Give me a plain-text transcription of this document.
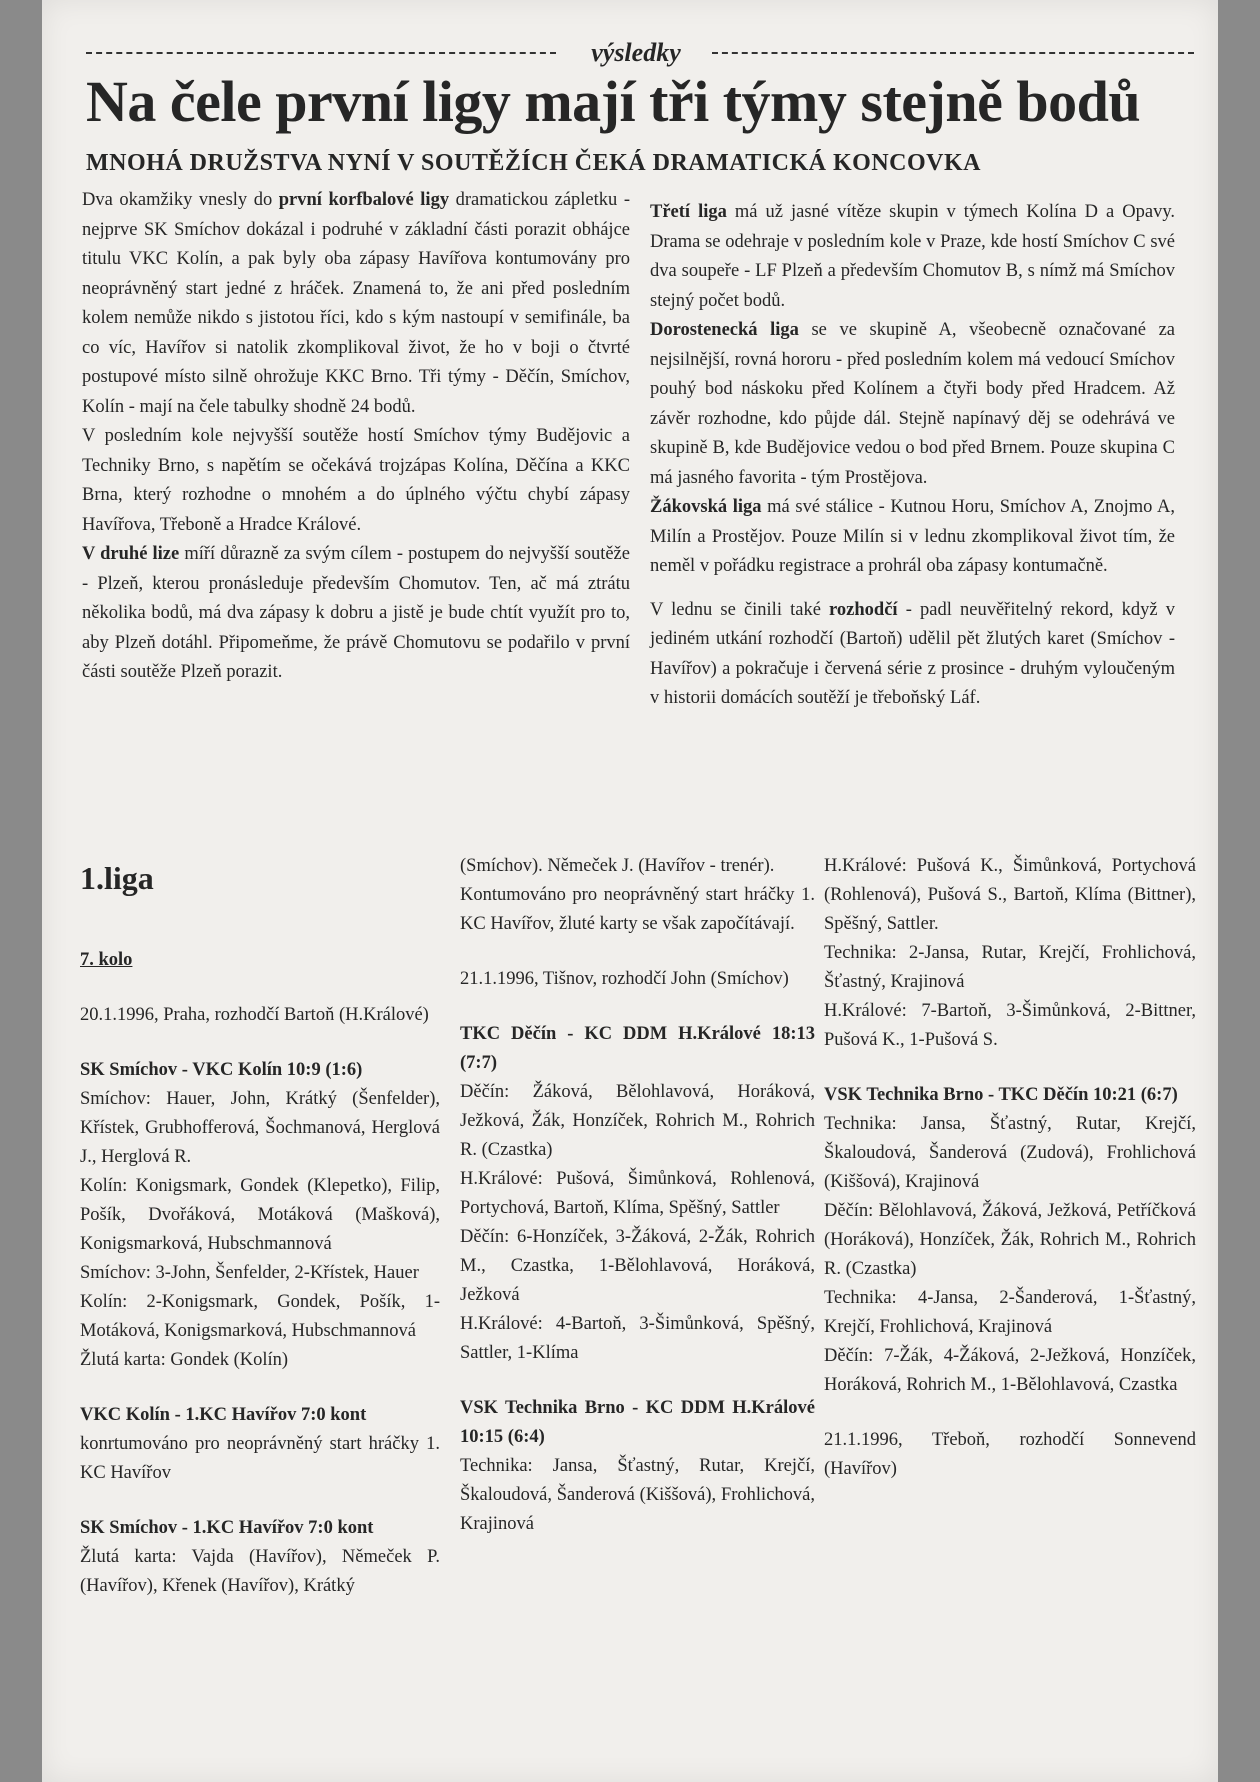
výsledky
Na čele první ligy mají tři týmy stejně bodů
MNOHÁ DRUŽSTVA NYNÍ V SOUTĚŽÍCH ČEKÁ DRAMATICKÁ KONCOVKA

Dva okamžiky vnesly do první korfbalové ligy dramatickou zápletku - nejprve SK Smíchov dokázal i podruhé v základní části porazit obhájce titulu VKC Kolín, a pak byly oba zápasy Havířova kontumovány pro neoprávněný start jedné z hráček. Znamená to, že ani před posledním kolem nemůže nikdo s jistotou říci, kdo s kým nastoupí v semifinále, ba co víc, Havířov si natolik zkomplikoval život, že ho v boji o čtvrté postupové místo silně ohrožuje KKC Brno. Tři týmy - Děčín, Smíchov, Kolín - mají na čele tabulky shodně 24 bodů.

V posledním kole nejvyšší soutěže hostí Smíchov týmy Budějovic a Techniky Brno, s napětím se očekává trojzápas Kolína, Děčína a KKC Brna, který rozhodne o mnohém a do úplného výčtu chybí zápasy Havířova, Třeboně a Hradce Králové.

V druhé lize míří důrazně za svým cílem - postupem do nejvyšší soutěže - Plzeň, kterou pronásleduje především Chomutov. Ten, ač má ztrátu několika bodů, má dva zápasy k dobru a jistě je bude chtít využít pro to, aby Plzeň dotáhl. Připomeňme, že právě Chomutovu se podařilo v první části soutěže Plzeň porazit.

Třetí liga má už jasné vítěze skupin v týmech Kolína D a Opavy. Drama se odehraje v posledním kole v Praze, kde hostí Smíchov C své dva soupeře - LF Plzeň a především Chomutov B, s nímž má Smíchov stejný počet bodů.

Dorostenecká liga se ve skupině A, všeobecně označované za nejsilnější, rovná hororu - před posledním kolem má vedoucí Smíchov pouhý bod náskoku před Kolínem a čtyři body před Hradcem. Až závěr rozhodne, kdo půjde dál. Stejně napínavý děj se odehrává ve skupině B, kde Budějovice vedou o bod před Brnem. Pouze skupina C má jasného favorita - tým Prostějova.

Žákovská liga má své stálice - Kutnou Horu, Smíchov A, Znojmo A, Milín a Prostějov. Pouze Milín si v lednu zkomplikoval život tím, že neměl v pořádku registrace a prohrál oba zápasy kontumačně.

V lednu se činili také rozhodčí - padl neuvěřitelný rekord, když v jediném utkání rozhodčí (Bartoň) udělil pět žlutých karet (Smíchov - Havířov) a pokračuje i červená série z prosince - druhým vyloučeným v historii domácích soutěží je třeboňský Láf.

1.liga

7. kolo

20.1.1996, Praha, rozhodčí Bartoň (H.Králové)

SK Smíchov - VKC Kolín 10:9 (1:6)

Smíchov: Hauer, John, Krátký (Šenfelder), Křístek, Grubhofferová, Šochmanová, Herglová J., Herglová R.

Kolín: Konigsmark, Gondek (Klepetko), Filip, Pošík, Dvořáková, Motáková (Mašková), Konigsmarková, Hubschmannová

Smíchov: 3-John, Šenfelder, 2-Křístek, Hauer

Kolín: 2-Konigsmark, Gondek, Pošík, 1-Motáková, Konigsmarková, Hubschmannová

Žlutá karta: Gondek (Kolín)

VKC Kolín - 1.KC Havířov 7:0 kont

konrtumováno pro neoprávněný start hráčky 1. KC Havířov

SK Smíchov - 1.KC Havířov 7:0 kont

Žlutá karta: Vajda (Havířov), Němeček P. (Havířov), Křenek (Havířov), Krátký

(Smíchov). Němeček J. (Havířov - trenér).

Kontumováno pro neoprávněný start hráčky 1. KC Havířov, žluté karty se však započítávají.

21.1.1996, Tišnov, rozhodčí John (Smíchov)

TKC Děčín - KC DDM H.Králové 18:13 (7:7)

Děčín: Žáková, Bělohlavová, Horáková, Ježková, Žák, Honzíček, Rohrich M., Rohrich R. (Czastka)

H.Králové: Pušová, Šimůnková, Rohlenová, Portychová, Bartoň, Klíma, Spěšný, Sattler

Děčín: 6-Honzíček, 3-Žáková, 2-Žák, Rohrich M., Czastka, 1-Bělohlavová, Horáková, Ježková

H.Králové: 4-Bartoň, 3-Šimůnková, Spěšný, Sattler, 1-Klíma

VSK Technika Brno - KC DDM H.Králové 10:15 (6:4)

Technika: Jansa, Šťastný, Rutar, Krejčí, Škaloudová, Šanderová (Kiššová), Frohlichová, Krajinová

H.Králové: Pušová K., Šimůnková, Portychová (Rohlenová), Pušová S., Bartoň, Klíma (Bittner), Spěšný, Sattler.

Technika: 2-Jansa, Rutar, Krejčí, Frohlichová, Šťastný, Krajinová

H.Králové: 7-Bartoň, 3-Šimůnková, 2-Bittner, Pušová K., 1-Pušová S.

VSK Technika Brno - TKC Děčín 10:21 (6:7)

Technika: Jansa, Šťastný, Rutar, Krejčí, Škaloudová, Šanderová (Zudová), Frohlichová (Kiššová), Krajinová

Děčín: Bělohlavová, Žáková, Ježková, Petříčková (Horáková), Honzíček, Žák, Rohrich M., Rohrich R. (Czastka)

Technika: 4-Jansa, 2-Šanderová, 1-Šťastný, Krejčí, Frohlichová, Krajinová

Děčín: 7-Žák, 4-Žáková, 2-Ježková, Honzíček, Horáková, Rohrich M., 1-Bělohlavová, Czastka

21.1.1996, Třeboň, rozhodčí Sonnevend (Havířov)
